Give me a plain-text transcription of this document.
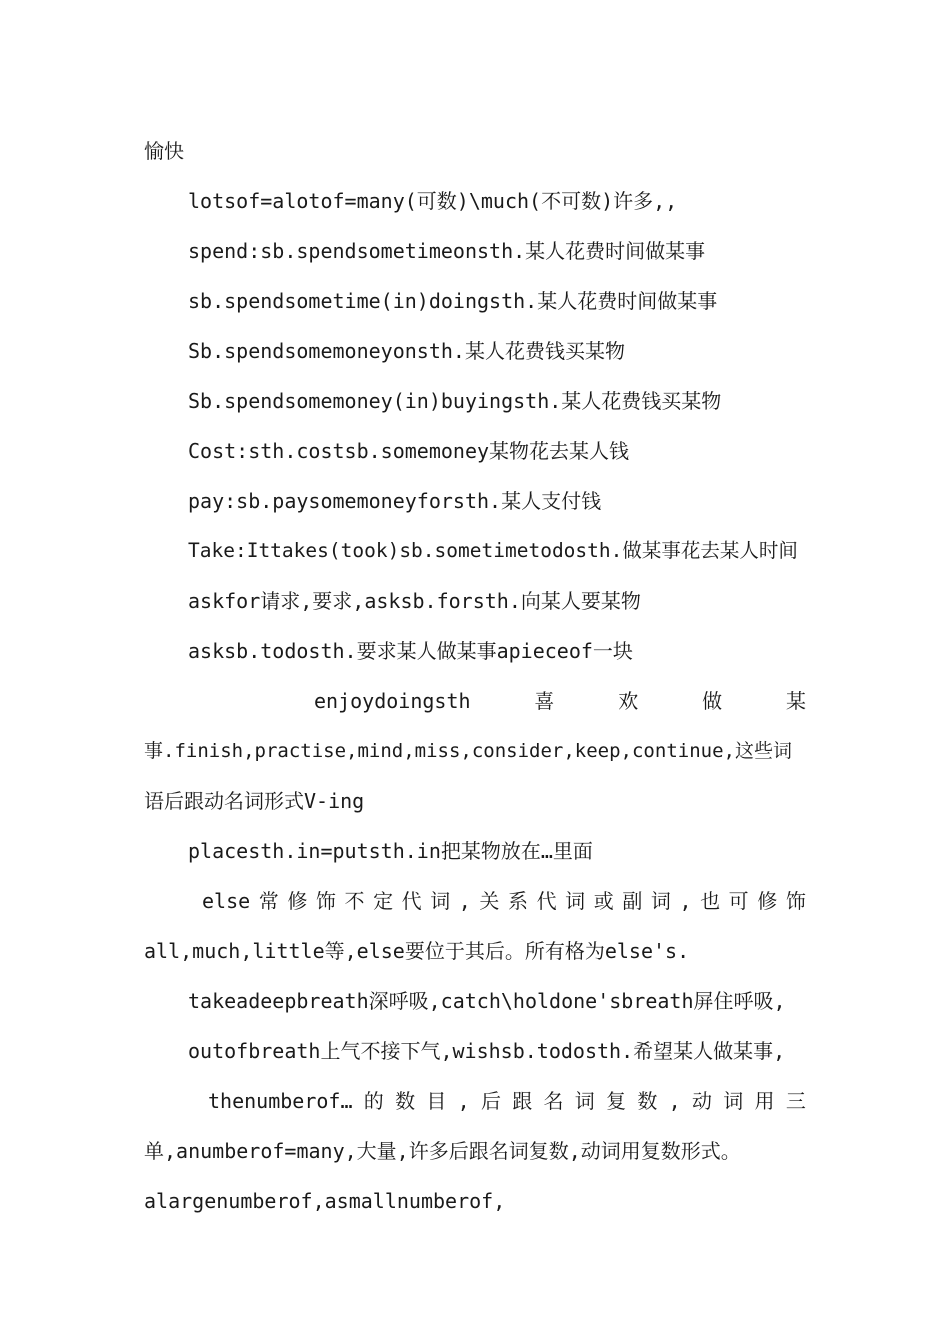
愉快
lotsof=alotof=many(可数)\much(不可数)许多,,
spend:sb.spendsometimeonsth.某人花费时间做某事
sb.spendsometime(in)doingsth.某人花费时间做某事
Sb.spendsomemoneyonsth.某人花费钱买某物
Sb.spendsomemoney(in)buyingsth.某人花费钱买某物
Cost:sth.costsb.somemoney某物花去某人钱
pay:sb.paysomemoneyforsth.某人支付钱
Take:Ittakes(took)sb.sometimetodosth.做某事花去某人时间
askfor请求,要求,asksb.forsth.向某人要某物
asksb.todosth.要求某人做某事apieceof一块
enjoydoingsth	喜	欢	做	某
事.finish,practise,mind,miss,consider,keep,continue,这些词
语后跟动名词形式V-ing
placesth.in=putsth.in把某物放在…里面
else 常 修 饰 不 定 代 词 , 关 系 代 词 或 副 词 , 也 可 修 饰
all,much,little等,else要位于其后。所有格为else's.
takeadeepbreath深呼吸,catch\holdone'sbreath屏住呼吸,
outofbreath上气不接下气,wishsb.todosth.希望某人做某事,
thenumberof… 的 数 目 , 后 跟 名 词 复 数 , 动 词 用 三
单,anumberof=many,大量,许多后跟名词复数,动词用复数形式。
alargenumberof,asmallnumberof,
